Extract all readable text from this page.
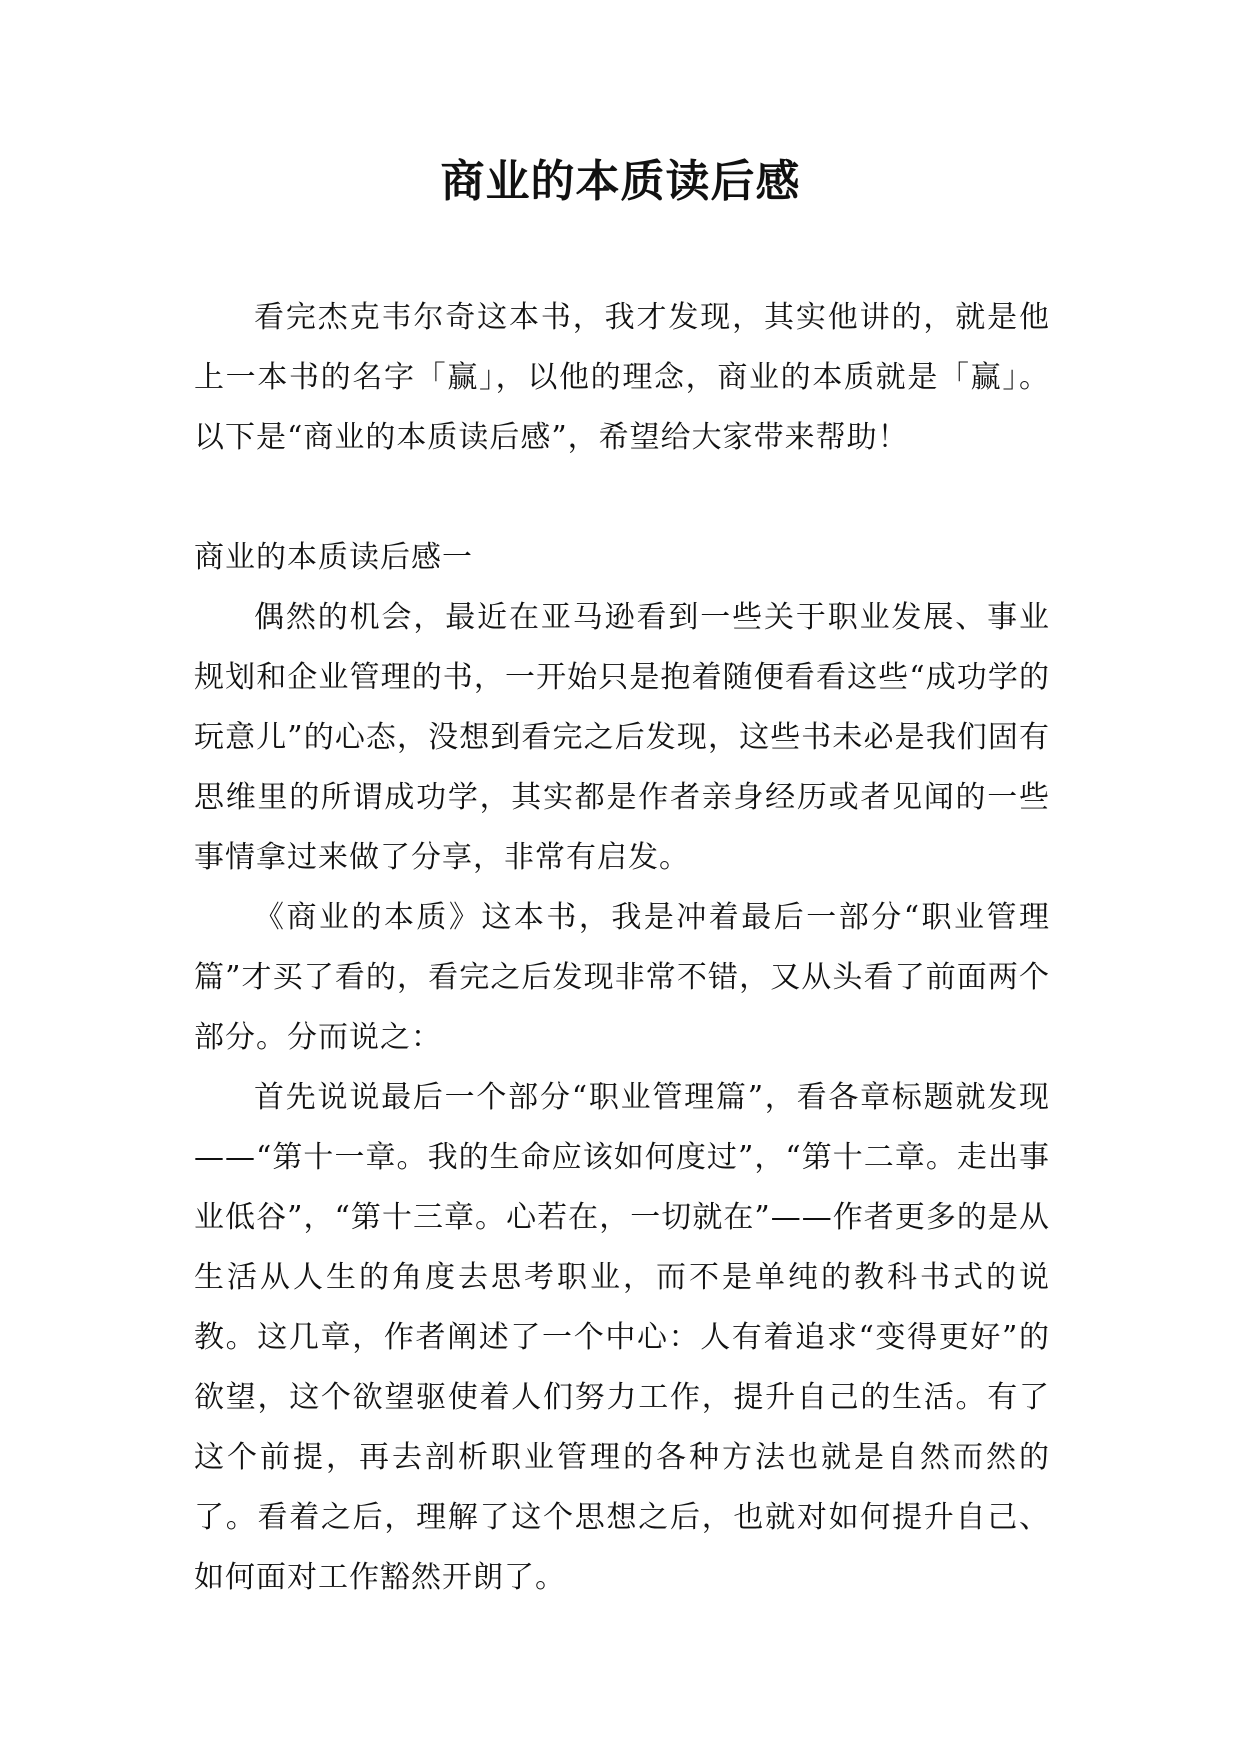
商业的本质读后感

看完杰克韦尔奇这本书，我才发现，其实他讲的，就是他上一本书的名字「赢」，以他的理念，商业的本质就是「赢」。以下是“商业的本质读后感”，希望给大家带来帮助！

商业的本质读后感一

偶然的机会，最近在亚马逊看到一些关于职业发展、事业规划和企业管理的书，一开始只是抱着随便看看这些“成功学的玩意儿”的心态，没想到看完之后发现，这些书未必是我们固有思维里的所谓成功学，其实都是作者亲身经历或者见闻的一些事情拿过来做了分享，非常有启发。

《商业的本质》这本书，我是冲着最后一部分“职业管理篇”才买了看的，看完之后发现非常不错，又从头看了前面两个部分。分而说之：

首先说说最后一个部分“职业管理篇”，看各章标题就发现——“第十一章。我的生命应该如何度过”，“第十二章。走出事业低谷”，“第十三章。心若在，一切就在”——作者更多的是从生活从人生的角度去思考职业，而不是单纯的教科书式的说教。这几章，作者阐述了一个中心：人有着追求“变得更好”的欲望，这个欲望驱使着人们努力工作，提升自己的生活。有了这个前提，再去剖析职业管理的各种方法也就是自然而然的了。看着之后，理解了这个思想之后，也就对如何提升自己、如何面对工作豁然开朗了。
